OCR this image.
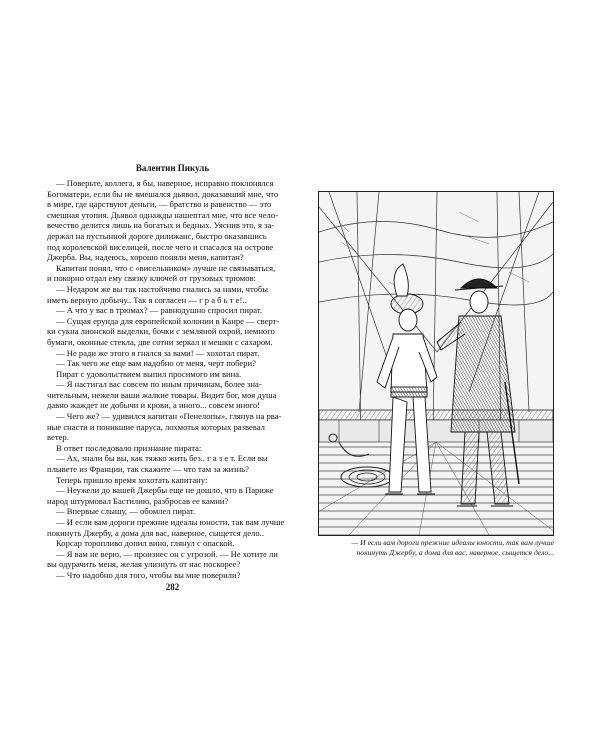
Валентин Пикуль
— Поверьте, коллега, я бы, наверное, исправно поклонялся
Богоматери, если бы не вмешался дьявол, доказавший мне, что
в мире, где царствуют деньги, — братство и равенство — это
смешная утопия. Дьявол однажды нашептал мне, что все чело-
вечество делится лишь на богатых и бедных. Уяснив это, я за-
держал на пустынной дороге дилижанс, быстро оказавшись
под королевской виселицей, после чего и спасался на острове
Джерба. Вы, надеюсь, хорошо поняли меня, капитан?
Капитан понял, что с «висельником» лучше не связываться,
и покорно отдал ему связку ключей от грузовых трюмов:
— Недаром же вы так настойчиво гнались за нами, чтобы
иметь верную добычу.. Так я согласен — г р а б ь т е!..
— А что у вас в трюмах? — равнодушно спросил пират.
— Сущая ерунда для европейской колонии в Канре — сверт-
ки сукна лионской выделки, бочки с земляной охрой, немного
бумаги, оконные стекла, две сотни зеркал и мешки с сахаром.
— Не ради же этого я гнался за вами! — хохотал пират.
— Так чего же еще вам надобно от меня, черт побери?
Пират с удовольствием выпил просимого им вина.
— Я настигал вас совсем по иным причинам, более зна-
чительным, нежели ваши жалкие товары. Видит бог, моя душа
давно жаждет не добычи и крови, а иного... совсем иного!
— Чего же? — удивился капитан «Пенелопы», глянув на рва-
ные снасти и поникшие паруса, лохмотья которых развевал
ветер.
В ответ последовало признание пирата:
— Ах, знали бы вы, как тяжко жить без.. г а з е т. Если вы
плывете из Франции, так скажите — что там за жизнь?
Теперь пришло время хохотать капитану:
— Неужели до вашей Джербы еще не дошло, что в Париже
народ штурмовал Бастилию, разбросав ее камни?
— Впервые слышу, — обомлел пират.
— И если вам дороги прежние идеалы юности, так вам лучше
покинуть Джербу, а дома для вас, наверное, сыщется дело..
Корсар торопливо допил вино, глянул с опаской.
— Я вам не верю, — произнес он с угрозой. — Не хотите ли
вы одурачить меня, желая улизнуть от нас поскорее?
— Что надобно для того, чтобы вы мне поверили?
282
— И если вам дороги прежние идеалы юности, так вам лучше
покинуть Джербу, а дома для вас, наверное, сыщется дело...
